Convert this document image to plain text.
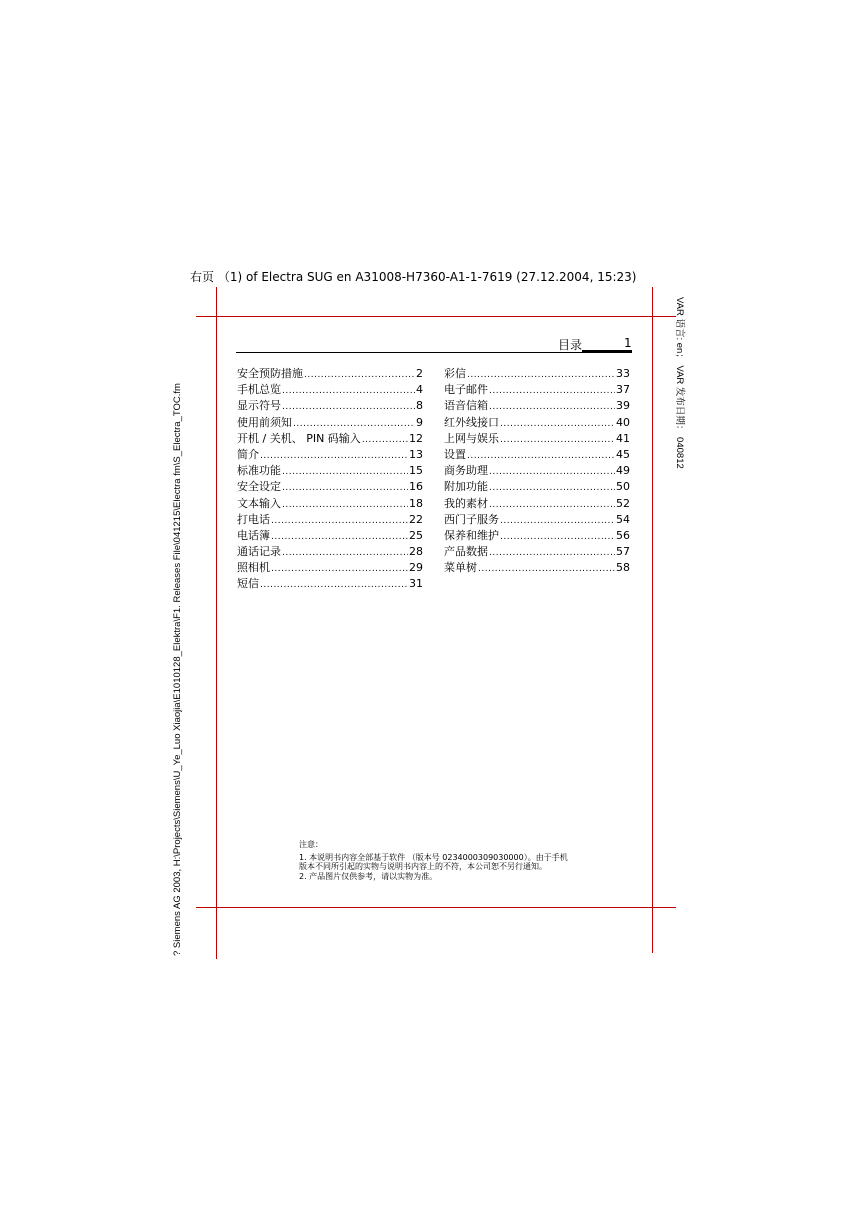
右页 （1) of Electra SUG en A31008-H7360-A1-1-7619 (27.12.2004, 15:23)
? Siemens AG 2003, H:\Projects\Siemens\U_Ye_Luo Xiaojia\E1010128_Elektra\F1. Releases File\041215\Electra fm\S_Electra_TOC.fm
VAR 语言: en； VAR 发布日期： 040812
目录	1
安全预防措施 .....	2
手机总览 .....	4
显示符号 .....	8
使用前须知 .....	9
开机 / 关机、 PIN 码输入 .....	12
简介 .....	13
标准功能 .....	15
安全设定 .....	16
文本输入 .....	18
打电话 .....	22
电话簿 .....	25
通话记录 .....	28
照相机 .....	29
短信 .....	31
彩信 .....	33
电子邮件 .....	37
语音信箱 .....	39
红外线接口 .....	40
上网与娱乐 .....	41
设置 .....	45
商务助理 .....	49
附加功能 .....	50
我的素材 .....	52
西门子服务 .....	54
保养和维护 .....	56
产品数据 .....	57
菜单树 .....	58
注意：
1. 本说明书内容全部基于软件 （版本号 0234000309030000）。由于手机版本不同所引起的实物与说明书内容上的不符，本公司恕不另行通知。
2. 产品图片仅供参考，请以实物为准。
